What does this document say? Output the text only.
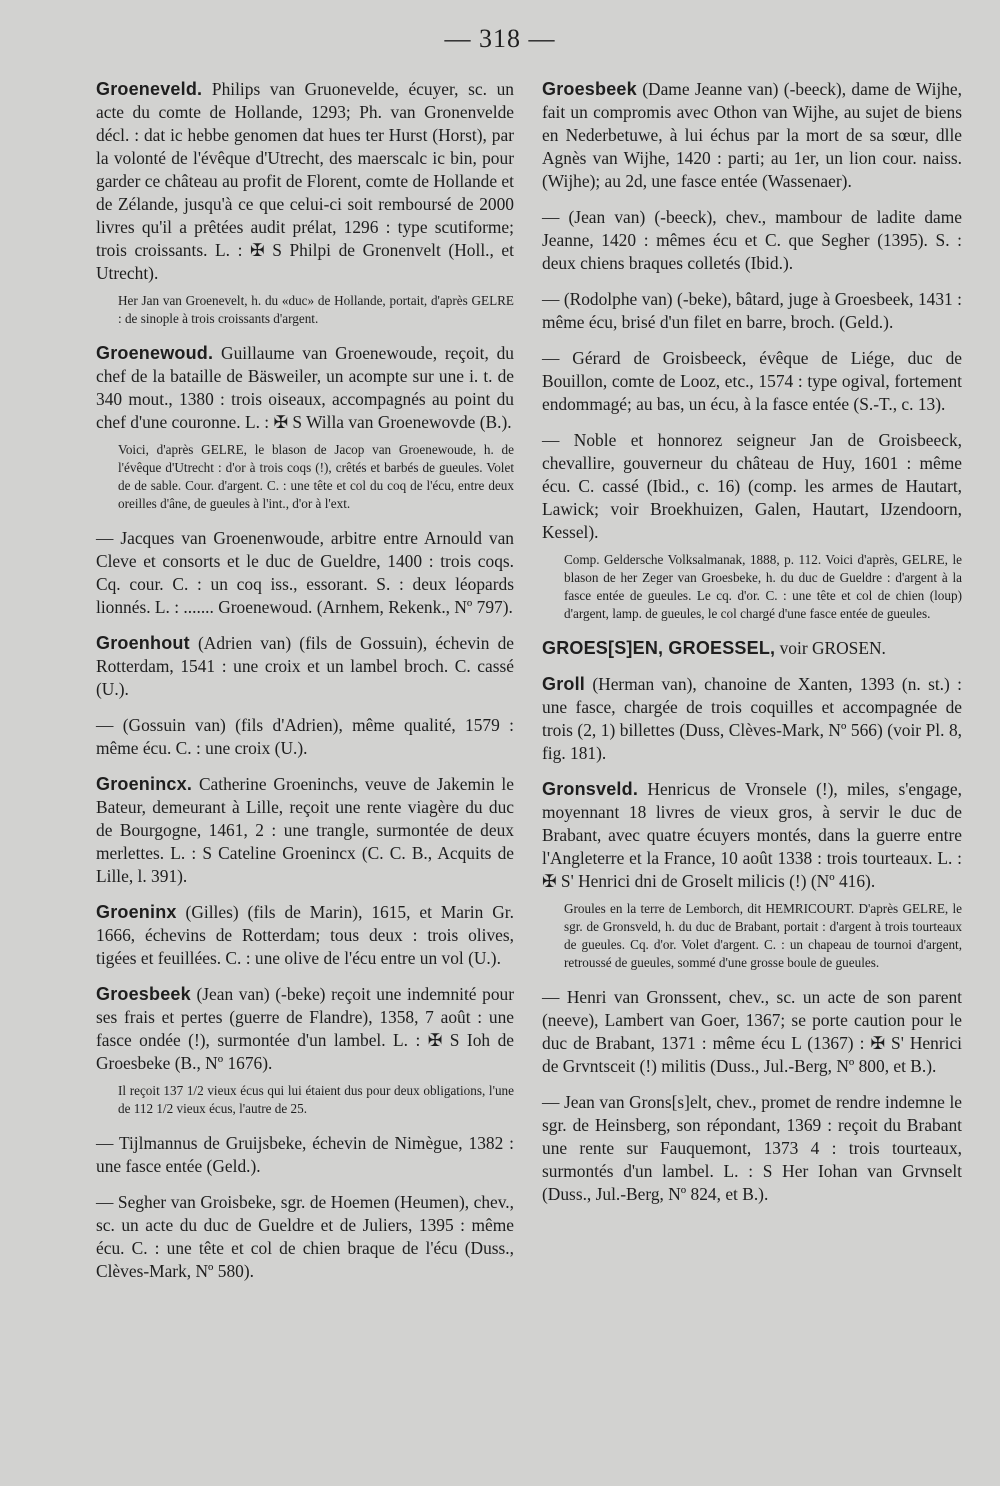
— 318 —
Groeneveld. Philips van Gruonevelde, écuyer, sc. un acte du comte de Hollande, 1293; Ph. van Gronenvelde décl. : dat ic hebbe genomen dat hues ter Hurst (Horst), par la volonté de l'évêque d'Utrecht, des maerscalc ic bin, pour garder ce château au profit de Florent, comte de Hollande et de Zélande, jusqu'à ce que celui-ci soit remboursé de 2000 livres qu'il a prêtées audit prélat, 1296 : type scutiforme; trois croissants. L. : ✠ S Philpi de Gronenvelt (Holl., et Utrecht).
Her Jan van Groenevelt, h. du «duc» de Hollande, portait, d'après GELRE : de sinople à trois croissants d'argent.
Groenewoud. Guillaume van Groenewoude, reçoit, du chef de la bataille de Bäsweiler, un acompte sur une i. t. de 340 mout., 1380 : trois oiseaux, accompagnés au point du chef d'une couronne. L. : ✠ S Willa van Groenewovde (B.).
Voici, d'après GELRE, le blason de Jacop van Groenewoude, h. de l'évêque d'Utrecht : d'or à trois coqs (!), crêtés et barbés de gueules. Volet de de sable. Cour. d'argent. C. : une tête et col du coq de l'écu, entre deux oreilles d'âne, de gueules à l'int., d'or à l'ext.
— Jacques van Groenenwoude, arbitre entre Arnould van Cleve et consorts et le duc de Gueldre, 1400 : trois coqs. Cq. cour. C. : un coq iss., essorant. S. : deux léopards lionnés. L. : ....... Groenewoud. (Arnhem, Rekenk., Nº 797).
Groenhout (Adrien van) (fils de Gossuin), échevin de Rotterdam, 1541 : une croix et un lambel broch. C. cassé (U.).
— (Gossuin van) (fils d'Adrien), même qualité, 1579 : même écu. C. : une croix (U.).
Groenincx. Catherine Groeninchs, veuve de Jakemin le Bateur, demeurant à Lille, reçoit une rente viagère du duc de Bourgogne, 1461, 2 : une trangle, surmontée de deux merlettes. L. : S Cateline Groenincx (C. C. B., Acquits de Lille, l. 391).
Groeninx (Gilles) (fils de Marin), 1615, et Marin Gr. 1666, échevins de Rotterdam; tous deux : trois olives, tigées et feuillées. C. : une olive de l'écu entre un vol (U.).
Groesbeek (Jean van) (-beke) reçoit une indemnité pour ses frais et pertes (guerre de Flandre), 1358, 7 août : une fasce ondée (!), surmontée d'un lambel. L. : ✠ S Ioh de Groesbeke (B., Nº 1676).
Il reçoit 137 1/2 vieux écus qui lui étaient dus pour deux obligations, l'une de 112 1/2 vieux écus, l'autre de 25.
— Tijlmannus de Gruijsbeke, échevin de Nimègue, 1382 : une fasce entée (Geld.).
— Segher van Groisbeke, sgr. de Hoemen (Heumen), chev., sc. un acte du duc de Gueldre et de Juliers, 1395 : même écu. C. : une tête et col de chien braque de l'écu (Duss., Clèves-Mark, Nº 580).
Groesbeek (Dame Jeanne van) (-beeck), dame de Wijhe, fait un compromis avec Othon van Wijhe, au sujet de biens en Nederbetuwe, à lui échus par la mort de sa sœur, dlle Agnès van Wijhe, 1420 : parti; au 1er, un lion cour. naiss. (Wijhe); au 2d, une fasce entée (Wassenaer).
— (Jean van) (-beeck), chev., mambour de ladite dame Jeanne, 1420 : mêmes écu et C. que Segher (1395). S. : deux chiens braques colletés (Ibid.).
— (Rodolphe van) (-beke), bâtard, juge à Groesbeek, 1431 : même écu, brisé d'un filet en barre, broch. (Geld.).
— Gérard de Groisbeeck, évêque de Liége, duc de Bouillon, comte de Looz, etc., 1574 : type ogival, fortement endommagé; au bas, un écu, à la fasce entée (S.-T., c. 13).
— Noble et honnorez seigneur Jan de Groisbeeck, chevallire, gouverneur du château de Huy, 1601 : même écu. C. cassé (Ibid., c. 16) (comp. les armes de Hautart, Lawick; voir Broekhuizen, Galen, Hautart, IJzendoorn, Kessel).
Comp. Geldersche Volksalmanak, 1888, p. 112. Voici d'après, GELRE, le blason de her Zeger van Groesbeke, h. du duc de Gueldre : d'argent à la fasce entée de gueules. Le cq. d'or. C. : une tête et col de chien (loup) d'argent, lamp. de gueules, le col chargé d'une fasce entée de gueules.
GROES[S]EN, GROESSEL, voir GROSEN.
Groll (Herman van), chanoine de Xanten, 1393 (n. st.) : une fasce, chargée de trois coquilles et accompagnée de trois (2, 1) billettes (Duss, Clèves-Mark, Nº 566) (voir Pl. 8, fig. 181).
Gronsveld. Henricus de Vronsele (!), miles, s'engage, moyennant 18 livres de vieux gros, à servir le duc de Brabant, avec quatre écuyers montés, dans la guerre entre l'Angleterre et la France, 10 août 1338 : trois tourteaux. L. : ✠ S' Henrici dni de Groselt milicis (!) (Nº 416).
Groules en la terre de Lemborch, dit HEMRICOURT. D'après GELRE, le sgr. de Gronsveld, h. du duc de Brabant, portait : d'argent à trois tourteaux de gueules. Cq. d'or. Volet d'argent. C. : un chapeau de tournoi d'argent, retroussé de gueules, sommé d'une grosse boule de gueules.
— Henri van Gronssent, chev., sc. un acte de son parent (neeve), Lambert van Goer, 1367; se porte caution pour le duc de Brabant, 1371 : même écu L (1367) : ✠ S' Henrici de Grvntsceit (!) militis (Duss., Jul.-Berg, Nº 800, et B.).
— Jean van Grons[s]elt, chev., promet de rendre indemne le sgr. de Heinsberg, son répondant, 1369 : reçoit du Brabant une rente sur Fauquemont, 1373 4 : trois tourteaux, surmontés d'un lambel. L. : S Her Iohan van Grvnselt (Duss., Jul.-Berg, Nº 824, et B.).
